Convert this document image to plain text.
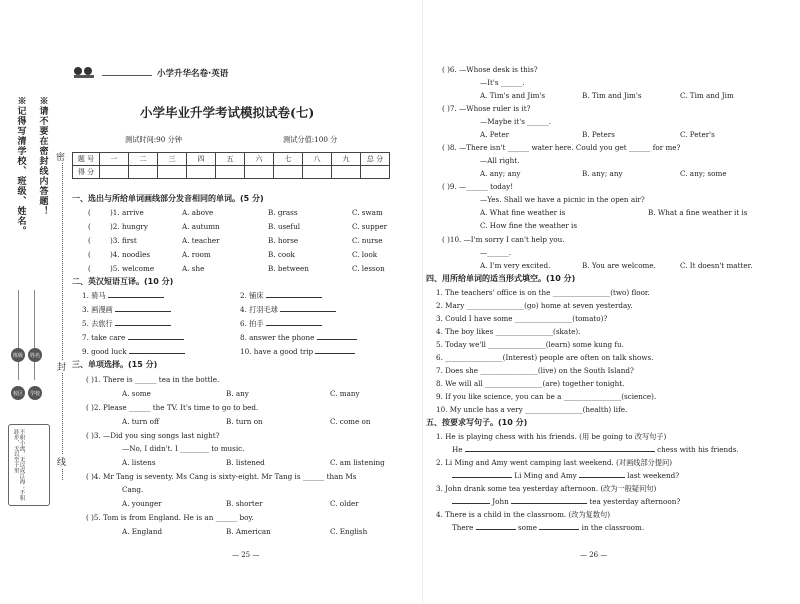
※请不要在密封线内答题！
※记得写清学校、班级、姓名。
姓名
班级
学校
校区
不积小流，无以成江海；不积跬步，无以至千里
密
封
线
小学升华名卷·英语
小学毕业升学考试模拟试卷(七)
测试时间:90 分钟	测试分值:100 分
题 号	一	二	三	四	五	六	七	八	九	总 分
得 分										
一、选出与所给单词画线部分发音相同的单词。(5 分)
(	)1. arrive	A. above	B. grass	C. swam
(	)2. hungry	A. autumn	B. useful	C. supper
(	)3. first	A. teacher	B. horse	C. nurse
(	)4. noodles	A. room	B. cook	C. look
(	)5. welcome	A. she	B. between	C. lesson
二、英汉短语互译。(10 分)
1. 骑马
3. 画漫画
5. 去旅行
7. take care
9. good luck
2. 铺床
4. 打羽毛球
6. 拍手
8. answer the phone
10. have a good trip
三、单项选择。(15 分)
( )1. There is ______ tea in the bottle.
A. some	B. any	C. many
( )2. Please ______ the TV. It's time to go to bed.
A. turn off	B. turn on	C. come on
( )3. —Did you sing songs last night?
—No, I didn't. I ________ to music.
A. listens	B. listened	C. am listening
( )4. Mr Tang is seventy. Ms Cang is sixty-eight. Mr Tang is ______ than Ms
Cang.
A. younger	B. shorter	C. older
( )5. Tom is from England. He is an ______ boy.
A. England	B. American	C. English
— 25 —
( )6. —Whose desk is this?
—It's ______.
A. Tim's and Jim's	B. Tim and Jim's	C. Tim and Jim
( )7. —Whose ruler is it?
—Maybe it's ______.
A. Peter	B. Peters	C. Peter's
( )8. —There isn't ______ water here. Could you get ______ for me?
—All right.
A. any; any	B. any; any	C. any; some
( )9. —______ today!
—Yes. Shall we have a picnic in the open air?
A. What fine weather is	B. What a fine weather it is
C. How fine the weather is
( )10. —I'm sorry I can't help you.
—______.
A. I'm very excited.	B. You are welcome.	C. It doesn't matter.
四、用所给单词的适当形式填空。(10 分)
1. The teachers' office is on the ________________(two) floor.
2. Mary ________________(go) home at seven yesterday.
3. Could I have some ________________(tomato)?
4. The boy likes ________________(skate).
5. Today we'll ________________(learn) some kung fu.
6. ________________(Interest) people are often on talk shows.
7. Does she ________________(live) on the South Island?
8. We will all ________________(are) together tonight.
9. If you like science, you can be a ________________(science).
10. My uncle has a very ________________(health) life.
五、按要求写句子。(10 分)
1. He is playing chess with his friends. (用 be going to 改写句子)
He	chess with his friends.
2. Li Ming and Amy went camping last weekend. (对画线部分提问)
Li Ming and Amy	last weekend?
3. John drank some tea yesterday afternoon. (改为一般疑问句)
John	tea yesterday afternoon?
4. There is a child in the classroom. (改为复数句)
There	some	in the classroom.
— 26 —
